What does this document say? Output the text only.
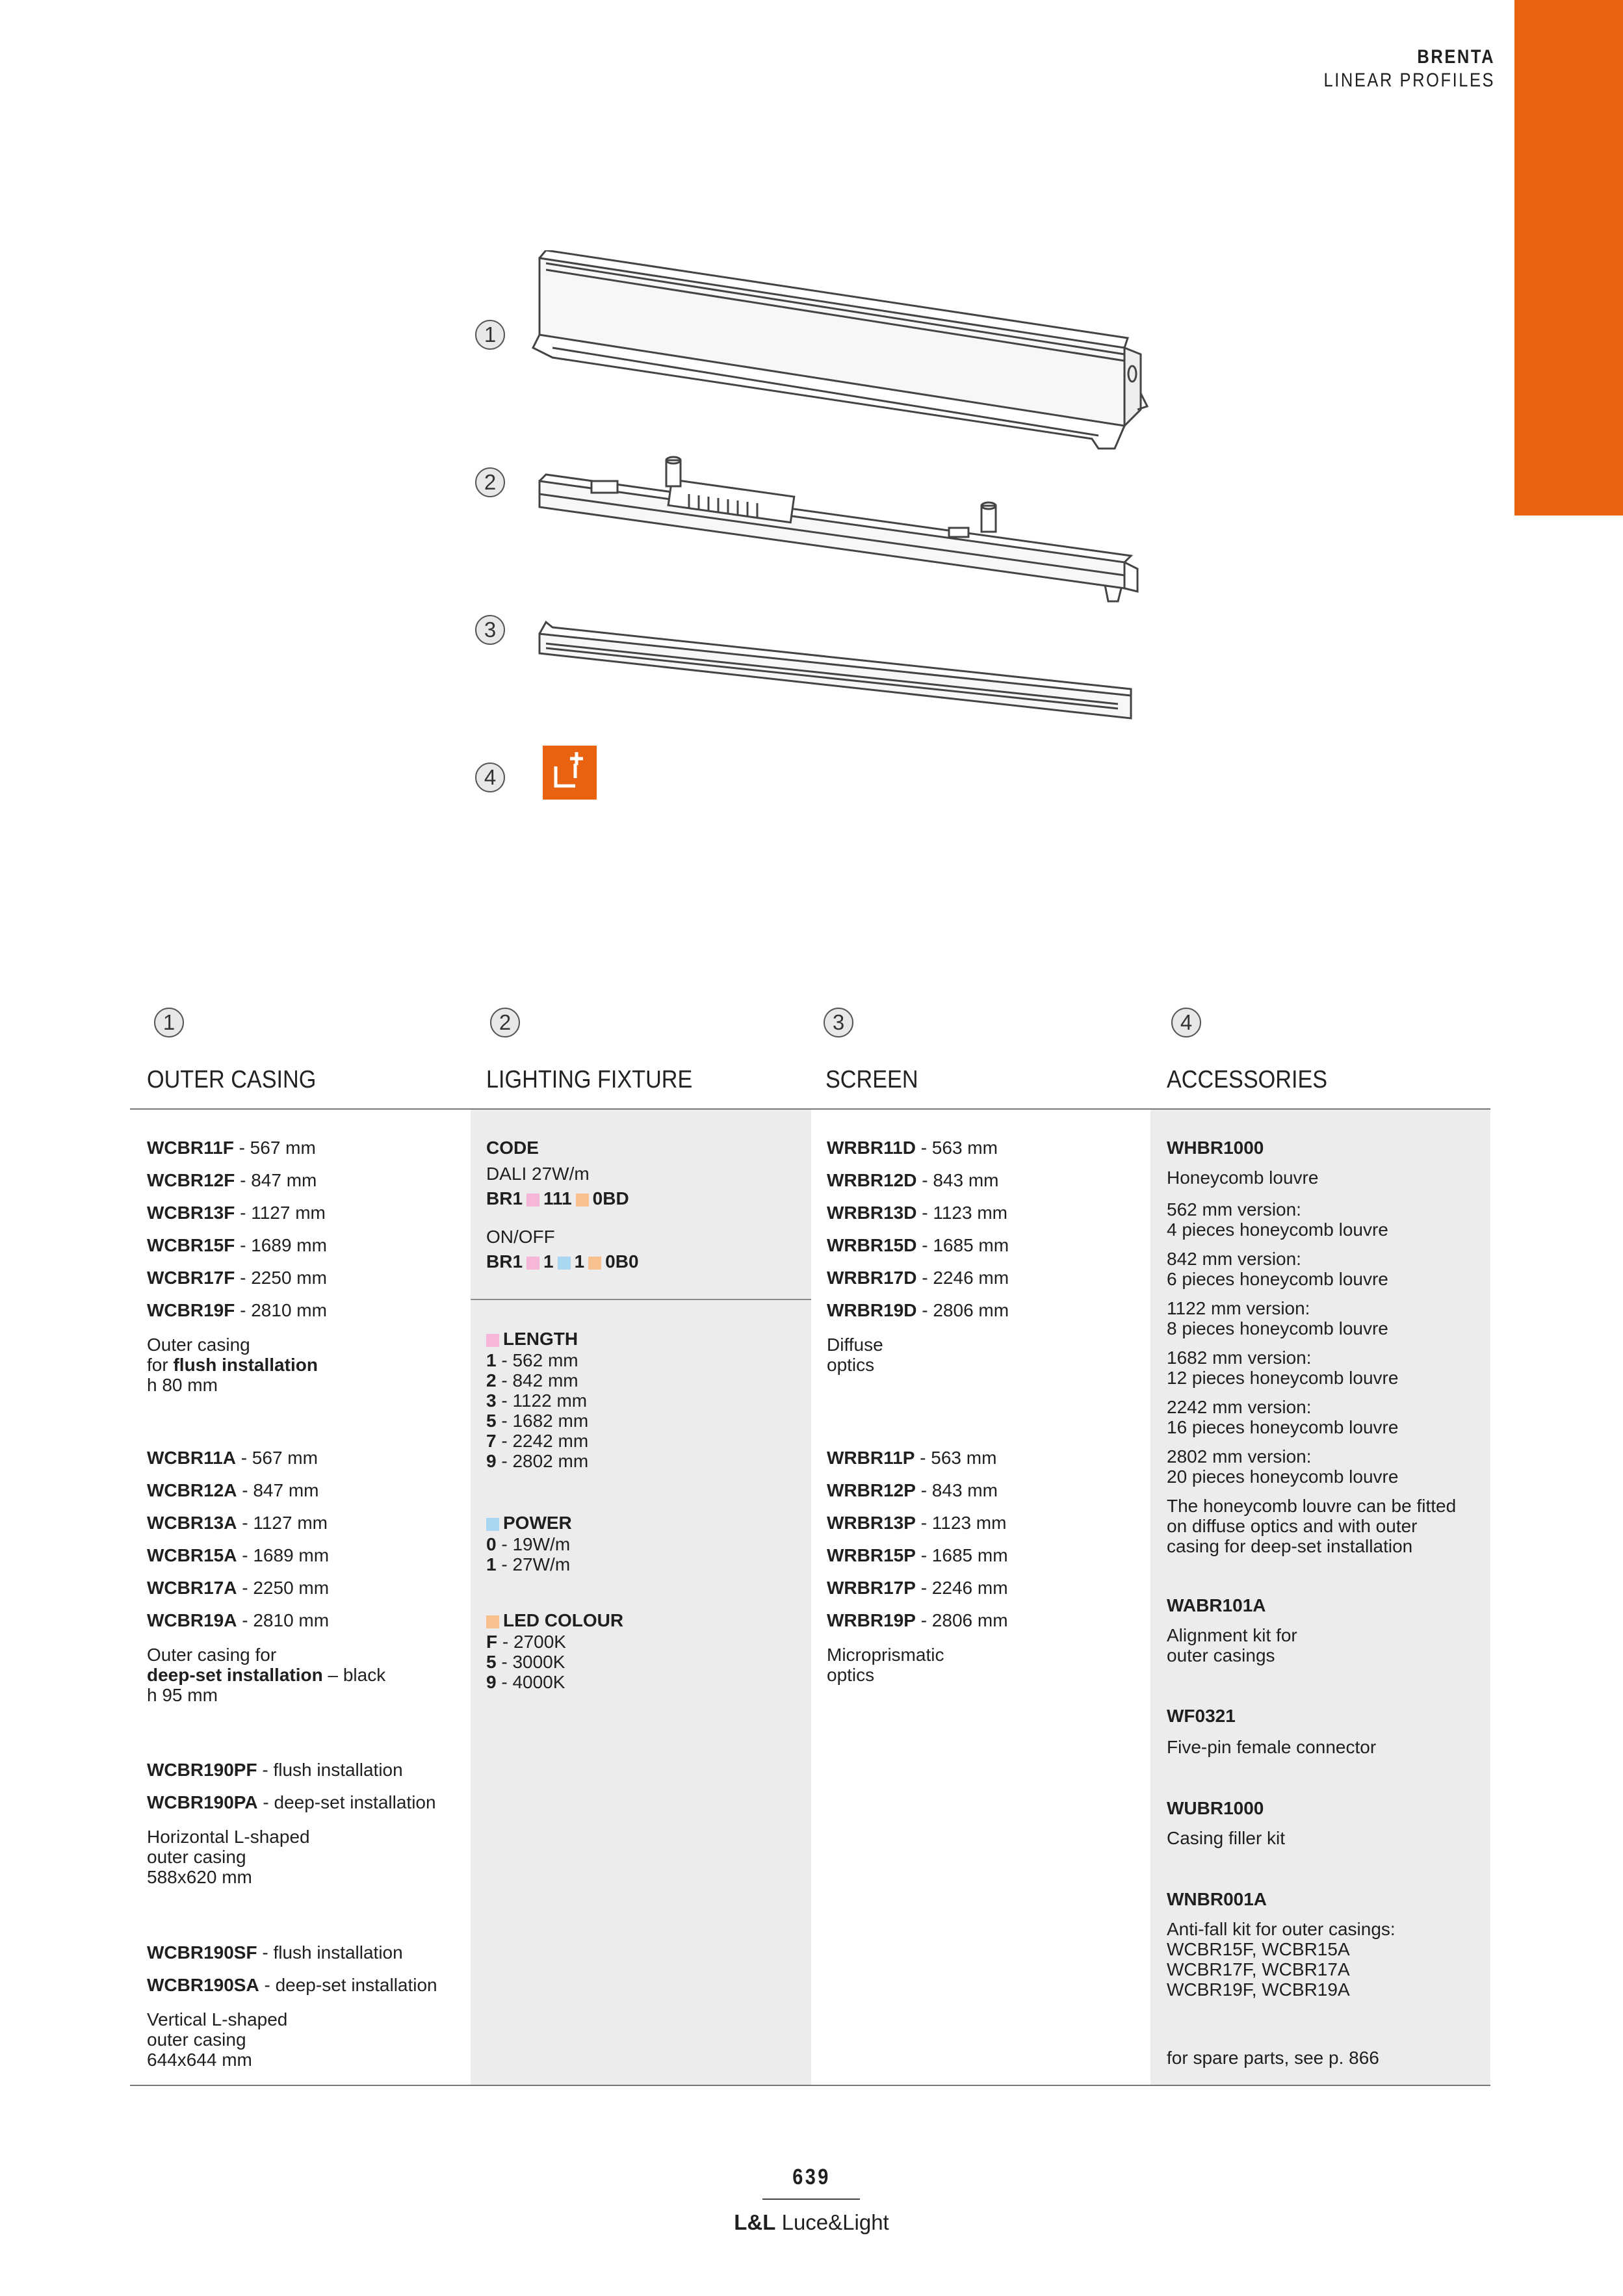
BRENTA
LINEAR PROFILES
1
2
3
4
1	2	3	4
OUTER CASING	LIGHTING FIXTURE	SCREEN	ACCESSORIES
WCBR11F - 567 mm
WCBR12F - 847 mm
WCBR13F - 1127 mm
WCBR15F - 1689 mm
WCBR17F - 2250 mm
WCBR19F - 2810 mm
Outer casing
for flush installation
h 80 mm
WCBR11A - 567 mm
WCBR12A - 847 mm
WCBR13A - 1127 mm
WCBR15A - 1689 mm
WCBR17A - 2250 mm
WCBR19A - 2810 mm
Outer casing for
deep-set installation – black
h 95 mm
WCBR190PF - flush installation
WCBR190PA - deep-set installation
Horizontal L-shaped
outer casing
588x620 mm
WCBR190SF - flush installation
WCBR190SA - deep-set installation
Vertical L-shaped
outer casing
644x644 mm
CODE
DALI 27W/m
BR1 111 0BD
ON/OFF
BR1 1 1 0B0
LENGTH
1 - 562 mm
2 - 842 mm
3 - 1122 mm
5 - 1682 mm
7 - 2242 mm
9 - 2802 mm
POWER
0 - 19W/m
1 - 27W/m
LED COLOUR
F - 2700K
5 - 3000K
9 - 4000K
WRBR11D - 563 mm
WRBR12D - 843 mm
WRBR13D - 1123 mm
WRBR15D - 1685 mm
WRBR17D - 2246 mm
WRBR19D - 2806 mm
Diffuse
optics
WRBR11P - 563 mm
WRBR12P - 843 mm
WRBR13P - 1123 mm
WRBR15P - 1685 mm
WRBR17P - 2246 mm
WRBR19P - 2806 mm
Microprismatic
optics
WHBR1000
Honeycomb louvre
562 mm version:
4 pieces honeycomb louvre
842 mm version:
6 pieces honeycomb louvre
1122 mm version:
8 pieces honeycomb louvre
1682 mm version:
12 pieces honeycomb louvre
2242 mm version:
16 pieces honeycomb louvre
2802 mm version:
20 pieces honeycomb louvre
The honeycomb louvre can be fitted
on diffuse optics and with outer
casing for deep-set installation
WABR101A
Alignment kit for
outer casings
WF0321
Five-pin female connector
WUBR1000
Casing filler kit
WNBR001A
Anti-fall kit for outer casings:
WCBR15F, WCBR15A
WCBR17F, WCBR17A
WCBR19F, WCBR19A
for spare parts, see p. 866
639
L&L Luce&Light
